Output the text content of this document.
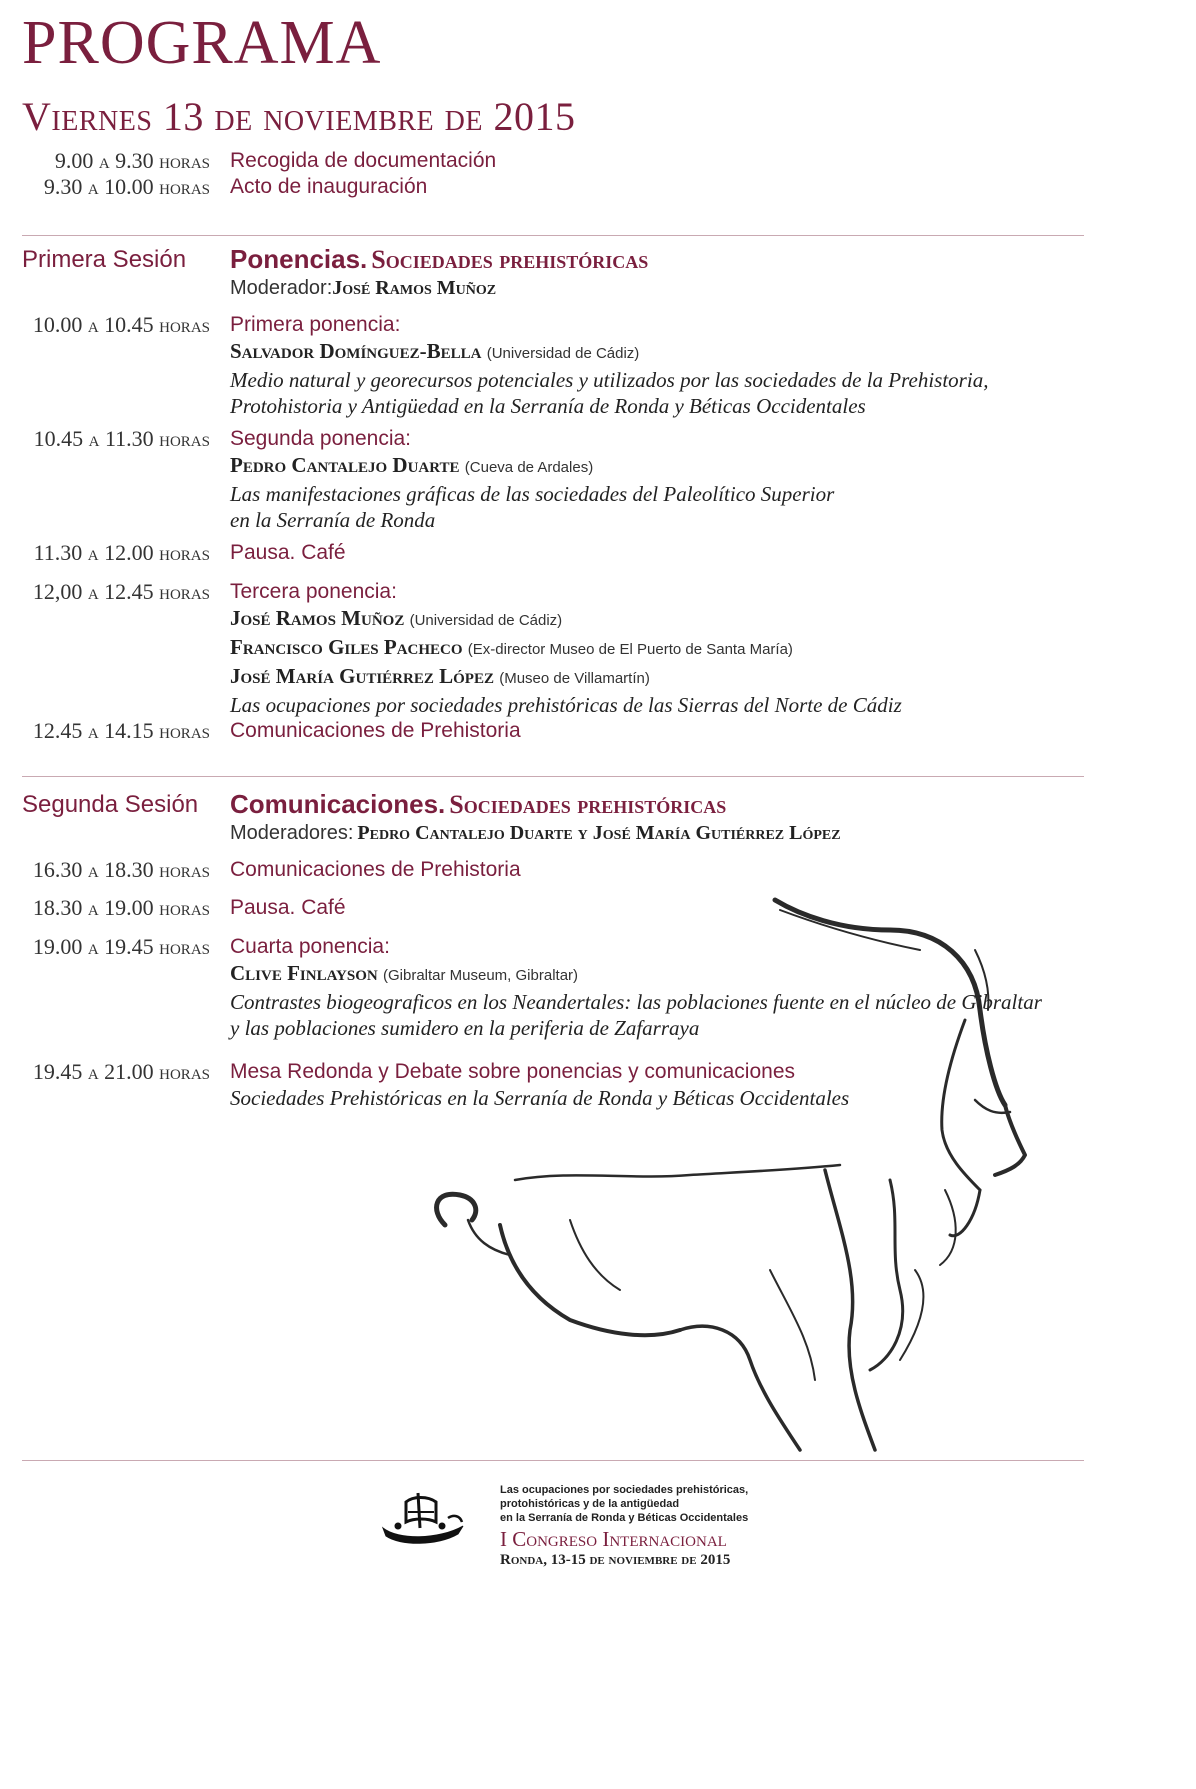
PROGRAMA
Viernes 13 de noviembre de 2015
9.00 a 9.30 horas Recogida de documentación
9.30 a 10.00 horas Acto de inauguración
Primera Sesión Ponencias. Sociedades prehistóricas
Moderador:José Ramos Muñoz
10.00 a 10.45 horas Primera ponencia:
Salvador Domínguez-Bella (Universidad de Cádiz)
Medio natural y georecursos potenciales y utilizados por las sociedades de la Prehistoria,
Protohistoria y Antigüedad en la Serranía de Ronda y Béticas Occidentales
10.45 a 11.30 horas Segunda ponencia:
Pedro Cantalejo Duarte (Cueva de Ardales)
Las manifestaciones gráficas de las sociedades del Paleolítico Superior
en la Serranía de Ronda
11.30 a 12.00 horas Pausa. Café
12,00 a 12.45 horas Tercera ponencia:
José Ramos Muñoz (Universidad de Cádiz)
Francisco Giles Pacheco (Ex-director Museo de El Puerto de Santa María)
José María Gutiérrez López (Museo de Villamartín)
Las ocupaciones por sociedades prehistóricas de las Sierras del Norte de Cádiz
12.45 a 14.15 horas Comunicaciones de Prehistoria
Segunda Sesión Comunicaciones. Sociedades prehistóricas
Moderadores: Pedro Cantalejo Duarte y José María Gutiérrez López
16.30 a 18.30 horas Comunicaciones de Prehistoria
18.30 a 19.00 horas Pausa. Café
19.00 a 19.45 horas Cuarta ponencia:
Clive Finlayson (Gibraltar Museum, Gibraltar)
Contrastes biogeograficos en los Neandertales: las poblaciones fuente en el núcleo de Gibraltar
y las poblaciones sumidero en la periferia de Zafarraya
19.45 a 21.00 horas Mesa Redonda y Debate sobre ponencias y comunicaciones
Sociedades Prehistóricas en la Serranía de Ronda y Béticas Occidentales
Las ocupaciones por sociedades prehistóricas,
protohistóricas y de la antigüedad
en la Serranía de Ronda y Béticas Occidentales
I Congreso Internacional
Ronda, 13-15 de noviembre de 2015
